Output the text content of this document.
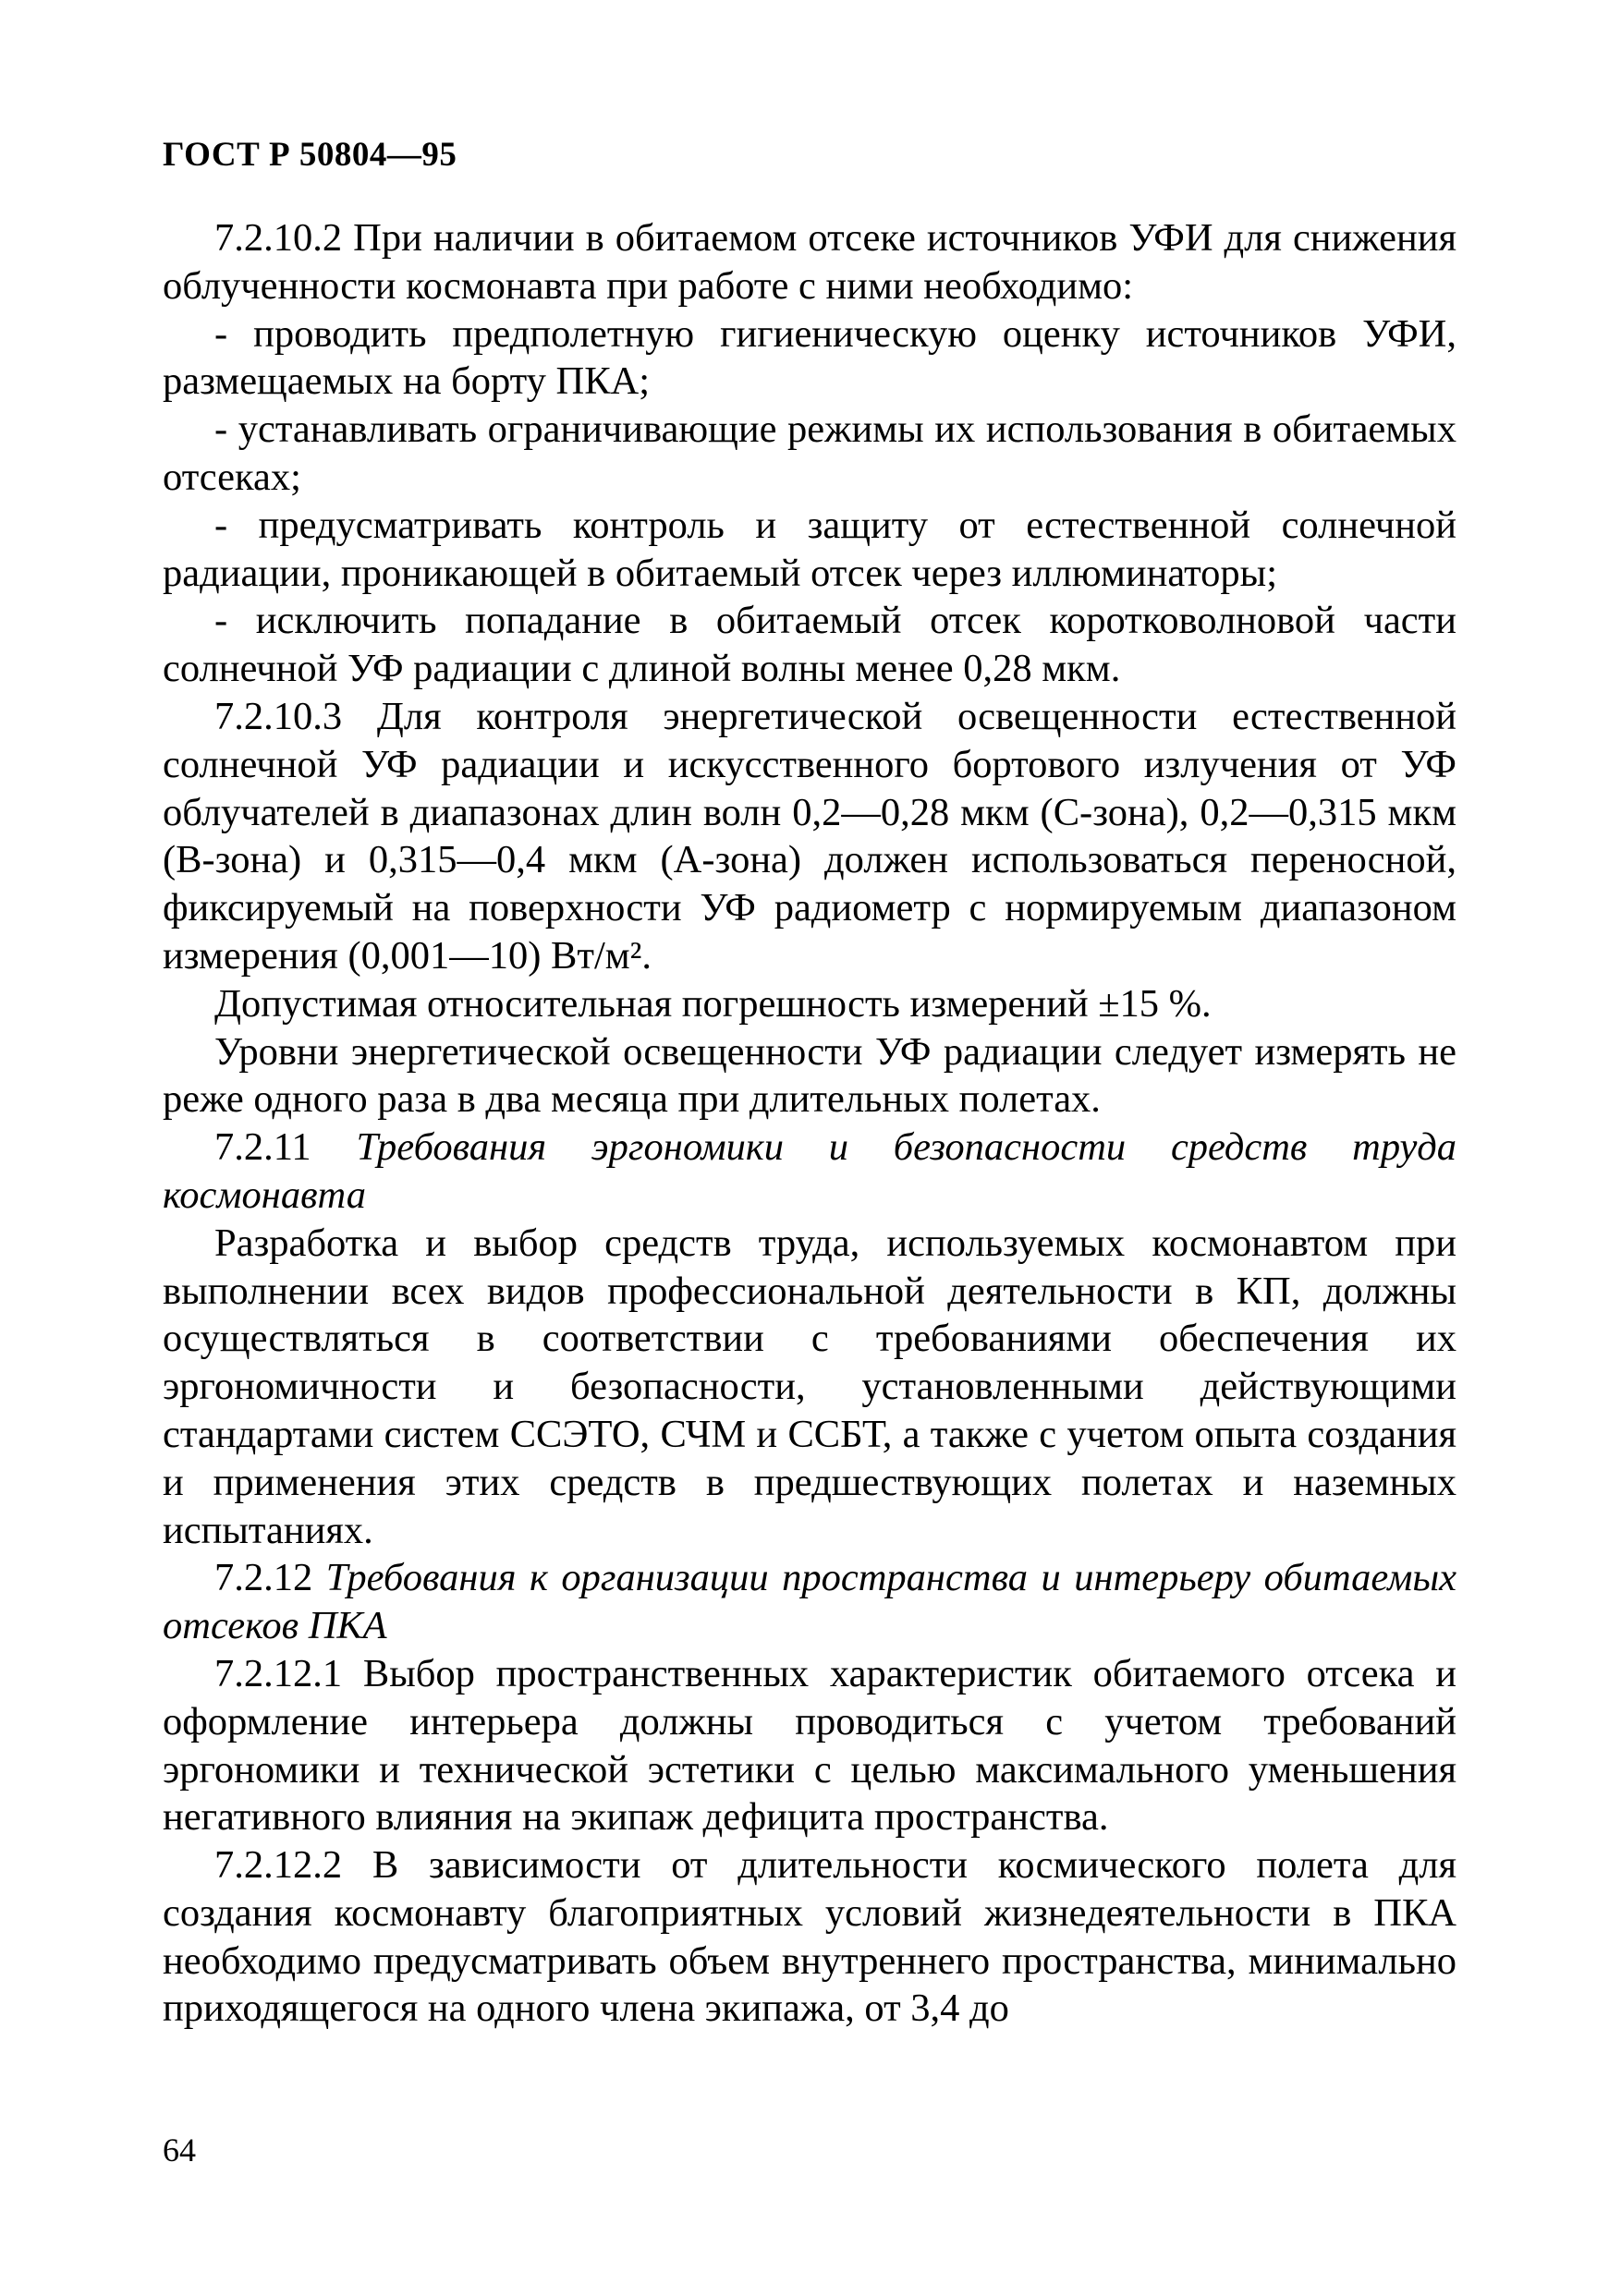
ГОСТ Р 50804—95

7.2.10.2 При наличии в обитаемом отсеке источников УФИ для снижения облученности космонавта при работе с ними необходимо:

- проводить предполетную гигиеническую оценку источников УФИ, размещаемых на борту ПКА;

- устанавливать ограничивающие режимы их использования в обитаемых отсеках;

- предусматривать контроль и защиту от естественной солнечной радиации, проникающей в обитаемый отсек через иллюминаторы;

- исключить попадание в обитаемый отсек коротковолновой части солнечной УФ радиации с длиной волны менее 0,28 мкм.

7.2.10.3 Для контроля энергетической освещенности естественной солнечной УФ радиации и искусственного бортового излучения от УФ облучателей в диапазонах длин волн 0,2—0,28 мкм (С-зона), 0,2—0,315 мкм (В-зона) и 0,315—0,4 мкм (А-зона) должен использоваться переносной, фиксируемый на поверхности УФ радиометр с нормируемым диапазоном измерения (0,001—10) Вт/м².

Допустимая относительная погрешность измерений ±15 %.

Уровни энергетической освещенности УФ радиации следует измерять не реже одного раза в два месяца при длительных полетах.

7.2.11 Требования эргономики и безопасности средств труда космонавта

Разработка и выбор средств труда, используемых космонавтом при выполнении всех видов профессиональной деятельности в КП, должны осуществляться в соответствии с требованиями обеспечения их эргономичности и безопасности, установленными действующими стандартами систем ССЭТО, СЧМ и ССБТ, а также с учетом опыта создания и применения этих средств в предшествующих полетах и наземных испытаниях.

7.2.12 Требования к организации пространства и интерьеру обитаемых отсеков ПКА

7.2.12.1 Выбор пространственных характеристик обитаемого отсека и оформление интерьера должны проводиться с учетом требований эргономики и технической эстетики с целью максимального уменьшения негативного влияния на экипаж дефицита пространства.

7.2.12.2 В зависимости от длительности космического полета для создания космонавту благоприятных условий жизнедеятельности в ПКА необходимо предусматривать объем внутреннего пространства, минимально приходящегося на одного члена экипажа, от 3,4 до

64
